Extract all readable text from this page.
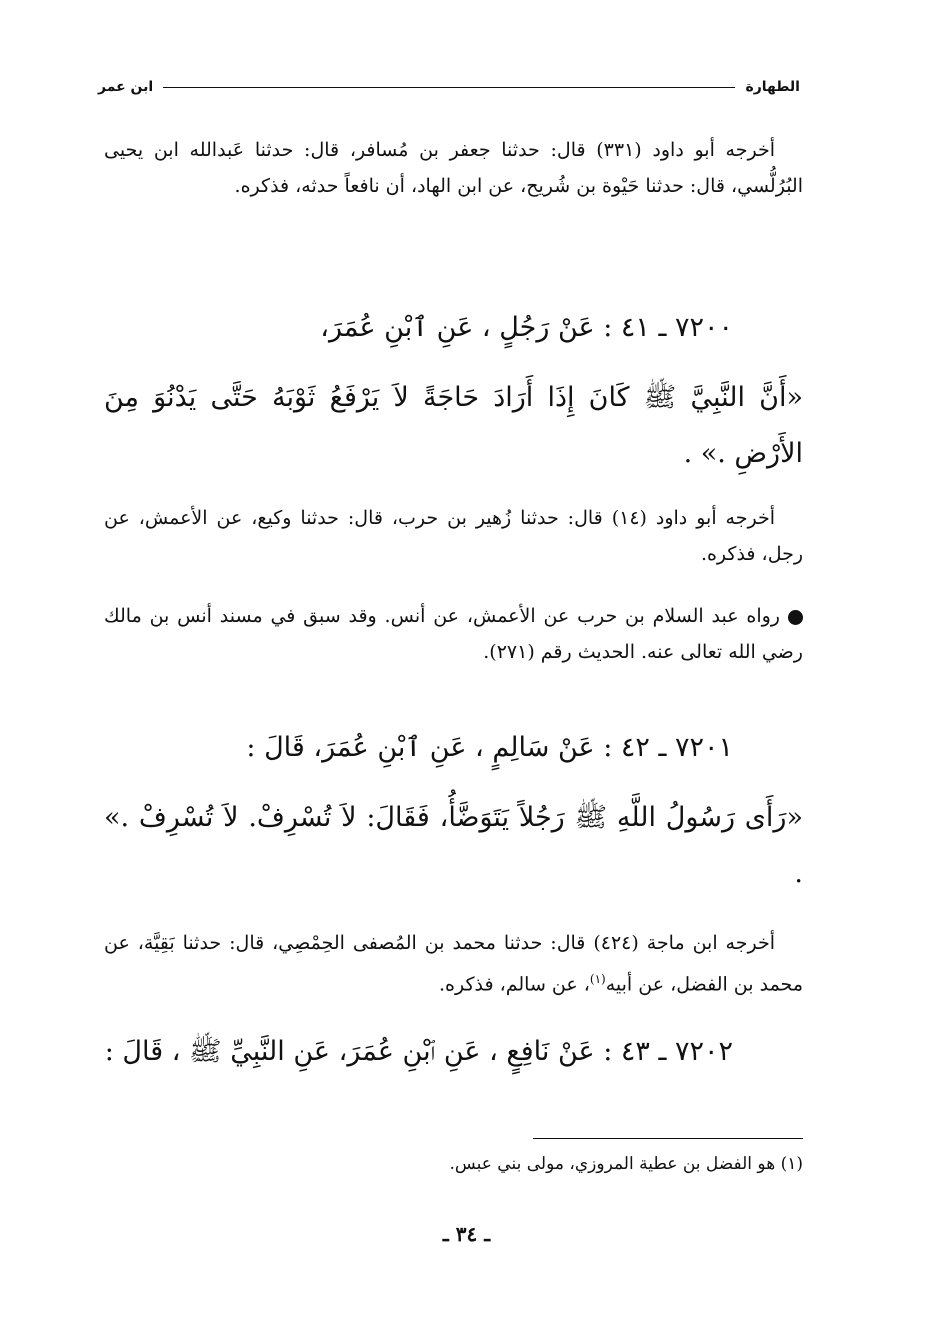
الطهارة
ابن عمر

أخرجه أبو داود (٣٣١) قال: حدثنا جعفر بن مُسافر، قال: حدثنا عَبدالله ابن يحيى البُرُلُّسي، قال: حدثنا حَيْوة بن شُريح، عن ابن الهاد، أن نافعاً حدثه، فذكره.

٧٢٠٠ ـ ٤١ : عَنْ رَجُلٍ ، عَنِ ٱبْنِ عُمَرَ،

«أَنَّ النَّبِيَّ ﷺ كَانَ إِذَا أَرَادَ حَاجَةً لاَ يَرْفَعُ ثَوْبَهُ حَتَّى يَدْنُوَ مِنَ الأَرْضِ .» .

أخرجه أبو داود (١٤) قال: حدثنا زُهير بن حرب، قال: حدثنا وكيع، عن الأعمش، عن رجل، فذكره.

رواه عبد السلام بن حرب عن الأعمش، عن أنس. وقد سبق في مسند أنس بن مالك رضي الله تعالى عنه. الحديث رقم (٢٧١).

٧٢٠١ ـ ٤٢ : عَنْ سَالِمٍ ، عَنِ ٱبْنِ عُمَرَ، قَالَ :

«رَأَى رَسُولُ اللَّهِ ﷺ رَجُلاً يَتَوَضَّأُ، فَقَالَ: لاَ تُسْرِفْ. لاَ تُسْرِفْ .» .

أخرجه ابن ماجة (٤٢٤) قال: حدثنا محمد بن المُصفى الحِمْصِي، قال: حدثنا بَقِيَّة، عن محمد بن الفضل، عن أبيه$^{(١)}$، عن سالم، فذكره.

٧٢٠٢ ـ ٤٣ : عَنْ نَافِعٍ ، عَنِ ٱبْنِ عُمَرَ، عَنِ النَّبِيِّ ﷺ ، قَالَ :

(١) هو الفضل بن عطية المروزي، مولى بني عبس.

ـ ٣٤ ـ
